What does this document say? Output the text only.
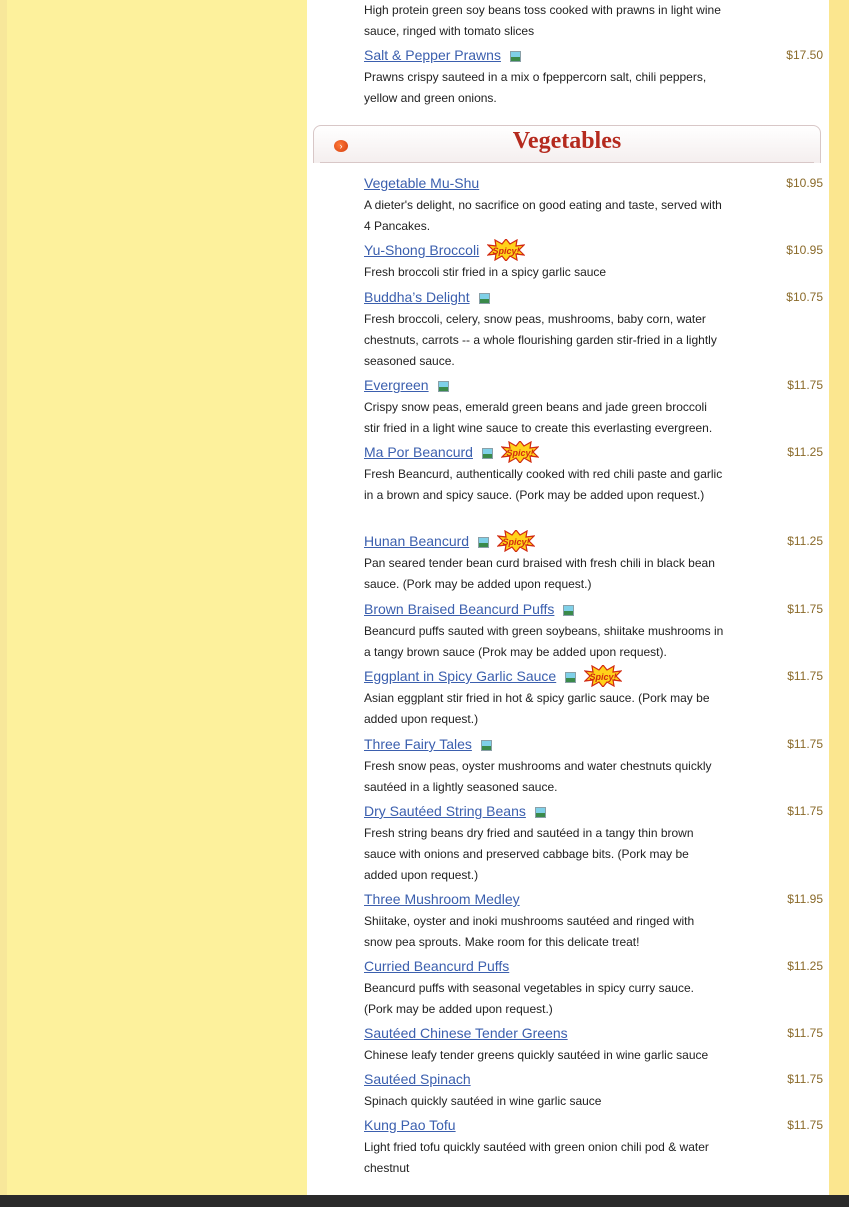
High protein green soy beans toss cooked with prawns in light wine sauce, ringed with tomato slices
Salt & Pepper Prawns	$17.50
Prawns crispy sauteed in a mix o fpeppercorn salt, chili peppers, yellow and green onions.
›	Vegetables
Vegetable Mu-Shu	$10.95
A dieter's delight, no sacrifice on good eating and taste, served with 4 Pancakes.
Yu-Shong Broccoli Spicy!	$10.95
Fresh broccoli stir fried in a spicy garlic sauce
Buddha’s Delight	$10.75
Fresh broccoli, celery, snow peas, mushrooms, baby corn, water chestnuts, carrots -- a whole flourishing garden stir-fried in a lightly seasoned sauce.
Evergreen	$11.75
Crispy snow peas, emerald green beans and jade green broccoli stir fried in a light wine sauce to create this everlasting evergreen.
Ma Por Beancurd	Spicy!	$11.25
Fresh Beancurd, authentically cooked with red chili paste and garlic in a brown and spicy sauce. (Pork may be added upon request.)
Hunan Beancurd	Spicy!	$11.25
Pan seared tender bean curd braised with fresh chili in black bean sauce. (Pork may be added upon request.)
Brown Braised Beancurd Puffs	$11.75
Beancurd puffs sauted with green soybeans, shiitake mushrooms in a tangy brown sauce (Prok may be added upon request).
Eggplant in Spicy Garlic Sauce	Spicy!	$11.75
Asian eggplant stir fried in hot & spicy garlic sauce. (Pork may be added upon request.)
Three Fairy Tales	$11.75
Fresh snow peas, oyster mushrooms and water chestnuts quickly sautéed in a lightly seasoned sauce.
Dry Sautéed String Beans	$11.75
Fresh string beans dry fried and sautéed in a tangy thin brown sauce with onions and preserved cabbage bits. (Pork may be added upon request.)
Three Mushroom Medley	$11.95
Shiitake, oyster and inoki mushrooms sautéed and ringed with snow pea sprouts. Make room for this delicate treat!
Curried Beancurd Puffs	$11.25
Beancurd puffs with seasonal vegetables in spicy curry sauce. (Pork may be added upon request.)
Sautéed Chinese Tender Greens	$11.75
Chinese leafy tender greens quickly sautéed in wine garlic sauce
Sautéed Spinach	$11.75
Spinach quickly sautéed in wine garlic sauce
Kung Pao Tofu	$11.75
Light fried tofu quickly sautéed with green onion chili pod & water chestnut
